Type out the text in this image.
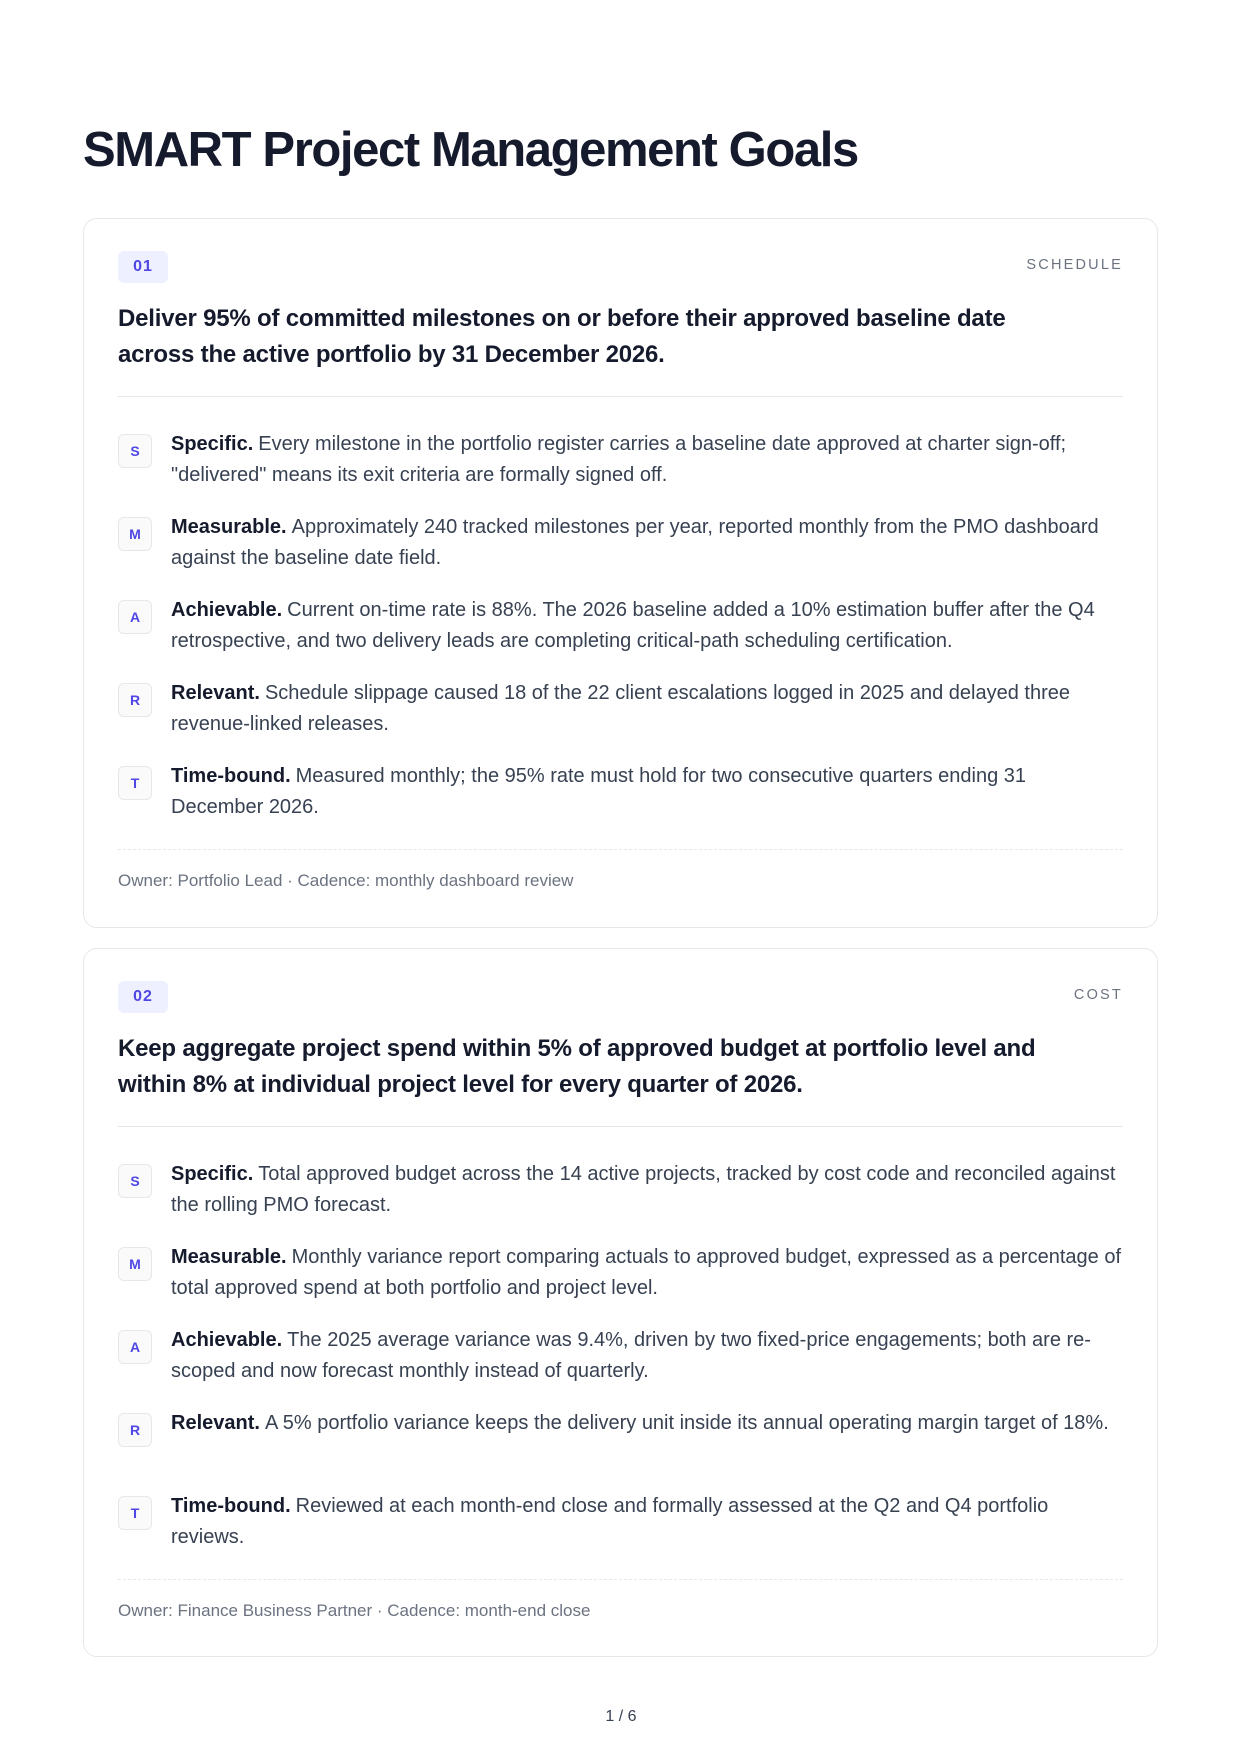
SMART Project Management Goals
01	SCHEDULE
Deliver 95% of committed milestones on or before their approved baseline date across the active portfolio by 31 December 2026.
S	Specific. Every milestone in the portfolio register carries a baseline date approved at charter sign-off; "delivered" means its exit criteria are formally signed off.
M	Measurable. Approximately 240 tracked milestones per year, reported monthly from the PMO dashboard against the baseline date field.
A	Achievable. Current on-time rate is 88%. The 2026 baseline added a 10% estimation buffer after the Q4 retrospective, and two delivery leads are completing critical-path scheduling certification.
R	Relevant. Schedule slippage caused 18 of the 22 client escalations logged in 2025 and delayed three revenue-linked releases.
T	Time-bound. Measured monthly; the 95% rate must hold for two consecutive quarters ending 31 December 2026.
Owner: Portfolio Lead · Cadence: monthly dashboard review
02	COST
Keep aggregate project spend within 5% of approved budget at portfolio level and within 8% at individual project level for every quarter of 2026.
S	Specific. Total approved budget across the 14 active projects, tracked by cost code and reconciled against the rolling PMO forecast.
M	Measurable. Monthly variance report comparing actuals to approved budget, expressed as a percentage of total approved spend at both portfolio and project level.
A	Achievable. The 2025 average variance was 9.4%, driven by two fixed-price engagements; both are re-scoped and now forecast monthly instead of quarterly.
R	Relevant. A 5% portfolio variance keeps the delivery unit inside its annual operating margin target of 18%.
T	Time-bound. Reviewed at each month-end close and formally assessed at the Q2 and Q4 portfolio reviews.
Owner: Finance Business Partner · Cadence: month-end close
1 / 6
